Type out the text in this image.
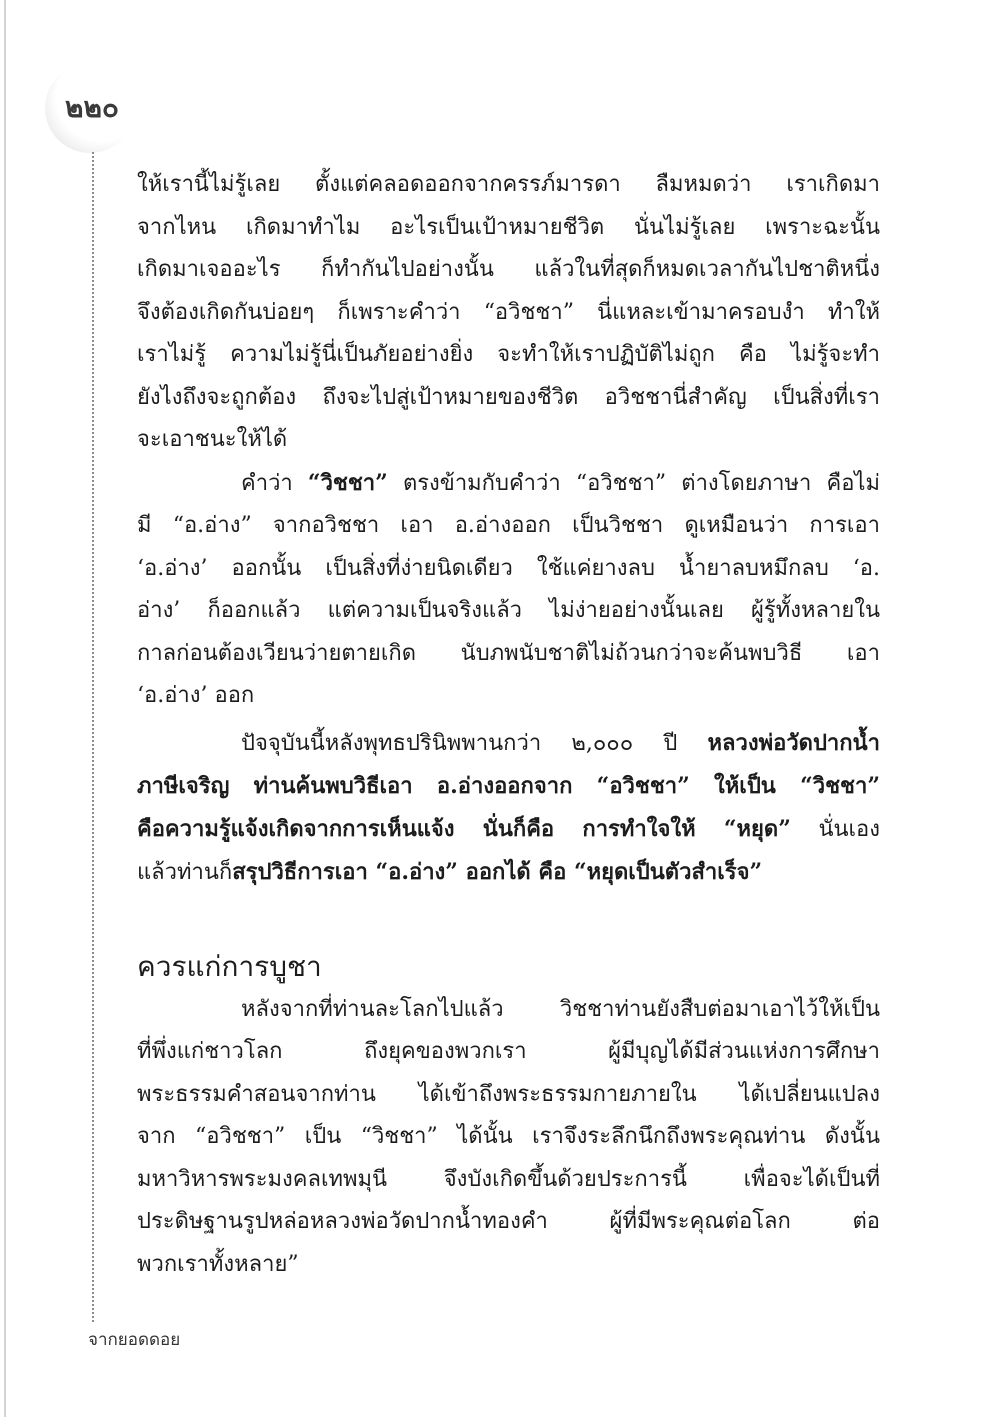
๒๒๐
ให้เรานี้ไม่รู้เลย ตั้งแต่คลอดออกจากครรภ์มารดา ลืมหมดว่า เราเกิดมา
จากไหน เกิดมาทำไม อะไรเป็นเป้าหมายชีวิต นั่นไม่รู้เลย เพราะฉะนั้น
เกิดมาเจออะไร ก็ทำกันไปอย่างนั้น แล้วในที่สุดก็หมดเวลากันไปชาติหนึ่ง
จึงต้องเกิดกันบ่อยๆ ก็เพราะคำว่า “อวิชชา” นี่แหละเข้ามาครอบงำ ทำให้
เราไม่รู้ ความไม่รู้นี่เป็นภัยอย่างยิ่ง จะทำให้เราปฏิบัติไม่ถูก คือ ไม่รู้จะทำ
ยังไงถึงจะถูกต้อง ถึงจะไปสู่เป้าหมายของชีวิต อวิชชานี่สำคัญ เป็นสิ่งที่เรา
จะเอาชนะให้ได้
คำว่า “วิชชา” ตรงข้ามกับคำว่า “อวิชชา” ต่างโดยภาษา คือไม่
มี “อ.อ่าง” จากอวิชชา เอา อ.อ่างออก เป็นวิชชา ดูเหมือนว่า การเอา
‘อ.อ่าง’ ออกนั้น เป็นสิ่งที่ง่ายนิดเดียว ใช้แค่ยางลบ น้ำยาลบหมึกลบ ‘อ.
อ่าง’ ก็ออกแล้ว แต่ความเป็นจริงแล้ว ไม่ง่ายอย่างนั้นเลย ผู้รู้ทั้งหลายใน
กาลก่อนต้องเวียนว่ายตายเกิด นับภพนับชาติไม่ถ้วนกว่าจะค้นพบวิธี เอา
‘อ.อ่าง’ ออก
ปัจจุบันนี้หลังพุทธปรินิพพานกว่า ๒,๐๐๐ ปี หลวงพ่อวัดปากน้ำ
ภาษีเจริญ ท่านค้นพบวิธีเอา อ.อ่างออกจาก “อวิชชา” ให้เป็น “วิชชา”
คือความรู้แจ้งเกิดจากการเห็นแจ้ง นั่นก็คือ การทำใจให้ “หยุด” นั่นเอง
แล้วท่านก็สรุปวิธีการเอา “อ.อ่าง” ออกได้ คือ “หยุดเป็นตัวสำเร็จ”
ควรแก่การบูชา
หลังจากที่ท่านละโลกไปแล้ว วิชชาท่านยังสืบต่อมาเอาไว้ให้เป็น
ที่พึ่งแก่ชาวโลก ถึงยุคของพวกเรา ผู้มีบุญได้มีส่วนแห่งการศึกษา
พระธรรมคำสอนจากท่าน ได้เข้าถึงพระธรรมกายภายใน ได้เปลี่ยนแปลง
จาก “อวิชชา” เป็น “วิชชา” ได้นั้น เราจึงระลึกนึกถึงพระคุณท่าน ดังนั้น
มหาวิหารพระมงคลเทพมุนี จึงบังเกิดขึ้นด้วยประการนี้ เพื่อจะได้เป็นที่
ประดิษฐานรูปหล่อหลวงพ่อวัดปากน้ำทองคำ ผู้ที่มีพระคุณต่อโลก ต่อ
พวกเราทั้งหลาย”
จากยอดดอย
